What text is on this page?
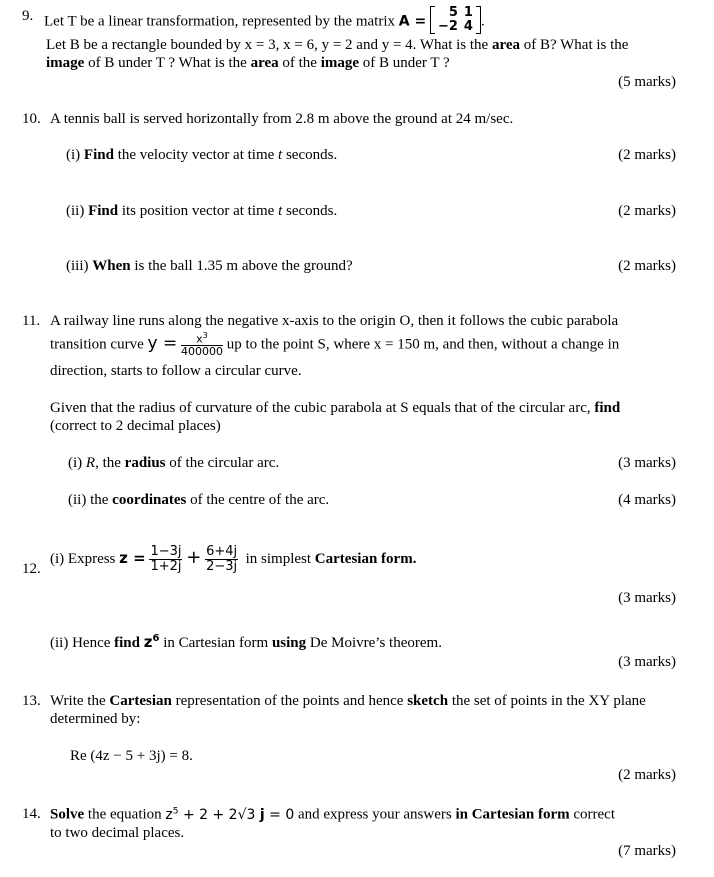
9. Let T be a linear transformation, represented by the matrix A =
5	1
−2	4 .
Let B be a rectangle bounded by x = 3, x = 6, y = 2 and y = 4. What is the area of B? What is the
image of B under T ? What is the area of the image of B under T ?
(5 marks)
10. A tennis ball is served horizontally from 2.8 m above the ground at 24 m/sec.
(i) Find the velocity vector at time t seconds.	(2 marks)
(ii) Find its position vector at time t seconds.	(2 marks)
(iii) When is the ball 1.35 m above the ground?	(2 marks)
11. A railway line runs along the negative x-axis to the origin O, then it follows the cubic parabola
transition curve $y = \frac{x^3}{400000}$ up to the point S, where x = 150 m, and then, without a change in
direction, starts to follow a circular curve.
Given that the radius of curvature of the cubic parabola at S equals that of the circular arc, find
(correct to 2 decimal places)
(i) R, the radius of the circular arc.	(3 marks)
(ii) the coordinates of the centre of the arc.	(4 marks)
12.
(i) Express $z = \frac{1-3j}{1+2j} + \frac{6+4j}{2-3j}$ in simplest Cartesian form.
(3 marks)
(ii) Hence find $z^6$ in Cartesian form using De Moivre’s theorem.
(3 marks)
13. Write the Cartesian representation of the points and hence sketch the set of points in the XY plane
determined by:
Re (4z − 5 + 3j) = 8.
(2 marks)
14. Solve the equation $z^5 + 2 + 2√3$ j = 0 and express your answers in Cartesian form correct
to two decimal places.
(7 marks)
